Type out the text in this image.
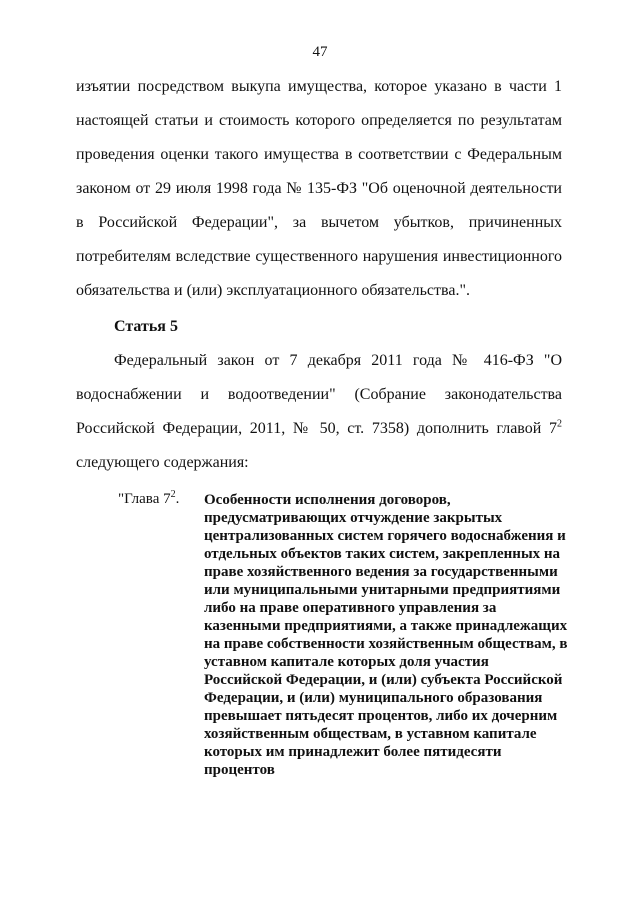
47

изъятии посредством выкупа имущества, которое указано в части 1 настоящей статьи и стоимость которого определяется по результатам проведения оценки такого имущества в соответствии с Федеральным законом от 29 июля 1998 года № 135-ФЗ "Об оценочной деятельности в Российской Федерации", за вычетом убытков, причиненных потребителям вследствие существенного нарушения инвестиционного обязательства и (или) эксплуатационного обязательства.".

Статья 5

Федеральный закон от 7 декабря 2011 года № 416-ФЗ "О водоснабжении и водоотведении" (Собрание законодательства Российской Федерации, 2011, № 50, ст. 7358) дополнить главой $7^2$ следующего содержания:

"Глава $7^2$. Особенности исполнения договоров, предусматривающих отчуждение закрытых централизованных систем горячего водоснабжения и отдельных объектов таких систем, закрепленных на праве хозяйственного ведения за государственными или муниципальными унитарными предприятиями либо на праве оперативного управления за казенными предприятиями, а также принадлежащих на праве собственности хозяйственным обществам, в уставном капитале которых доля участия Российской Федерации, и (или) субъекта Российской Федерации, и (или) муниципального образования превышает пятьдесят процентов, либо их дочерним хозяйственным обществам, в уставном капитале которых им принадлежит более пятидесяти процентов
